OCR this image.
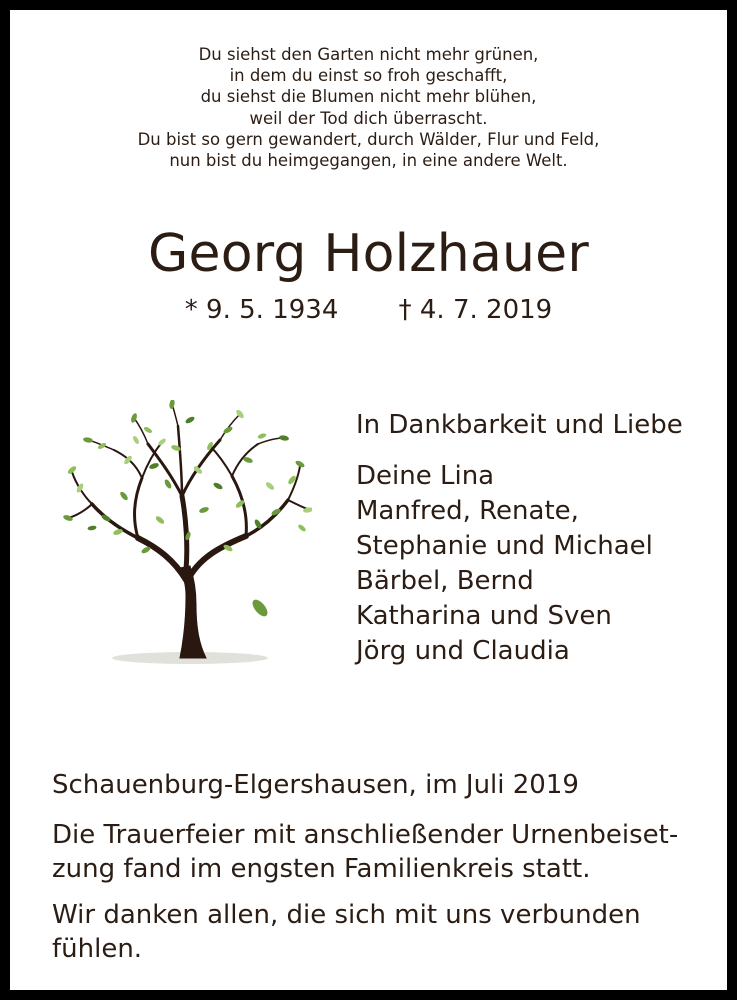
Du siehst den Garten nicht mehr grünen,
in dem du einst so froh geschafft,
du siehst die Blumen nicht mehr blühen,
weil der Tod dich überrascht.
Du bist so gern gewandert, durch Wälder, Flur und Feld,
nun bist du heimgegangen, in eine andere Welt.
Georg Holzhauer
* 9. 5. 1934 † 4. 7. 2019
In Dankbarkeit und Liebe
Deine Lina
Manfred, Renate,
Stephanie und Michael
Bärbel, Bernd
Katharina und Sven
Jörg und Claudia
Schauenburg-Elgershausen, im Juli 2019
Die Trauerfeier mit anschließender Urnenbeiset-
zung fand im engsten Familienkreis statt.
Wir danken allen, die sich mit uns verbunden
fühlen.
